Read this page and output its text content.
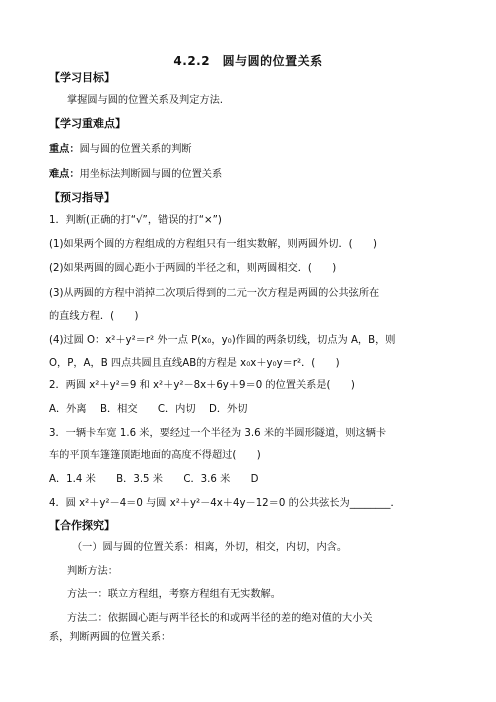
4.2.2　圆与圆的位置关系
【学习目标】
掌握圆与圆的位置关系及判定方法.
【学习重难点】
重点：圆与圆的位置关系的判断
难点：用坐标法判断圆与圆的位置关系
【预习指导】
1．判断(正确的打“√”，错误的打“×”)
(1)如果两个圆的方程组成的方程组只有一组实数解，则两圆外切．(　　)
(2)如果两圆的圆心距小于两圆的半径之和，则两圆相交．(　　)
(3)从两圆的方程中消掉二次项后得到的二元一次方程是两圆的公共弦所在
的直线方程．(　　)
(4)过圆 O：x²＋y²＝r² 外一点 P(x₀，y₀)作圆的两条切线，切点为 A，B，则
O，P，A，B 四点共圆且直线AB的方程是 x₀x＋y₀y＝r²．(　　)
2．两圆 x²＋y²＝9 和 x²＋y²－8x＋6y＋9＝0 的位置关系是(　　)
A．外离　 B．相交　　C．内切　 D．外切
3．一辆卡车宽 1.6 米，要经过一个半径为 3.6 米的半圆形隧道，则这辆卡
车的平顶车篷篷顶距地面的高度不得超过(　　)
A．1.4 米　　B．3.5 米　　C．3.6 米　　D
4．圆 x²＋y²－4＝0 与圆 x²＋y²－4x＋4y－12＝0 的公共弦长为________．
【合作探究】
（一）圆与圆的位置关系：相离，外切，相交，内切，内含。
判断方法：
方法一：联立方程组，考察方程组有无实数解。
方法二：依据圆心距与两半径长的和或两半径的差的绝对值的大小关
系，判断两圆的位置关系：
